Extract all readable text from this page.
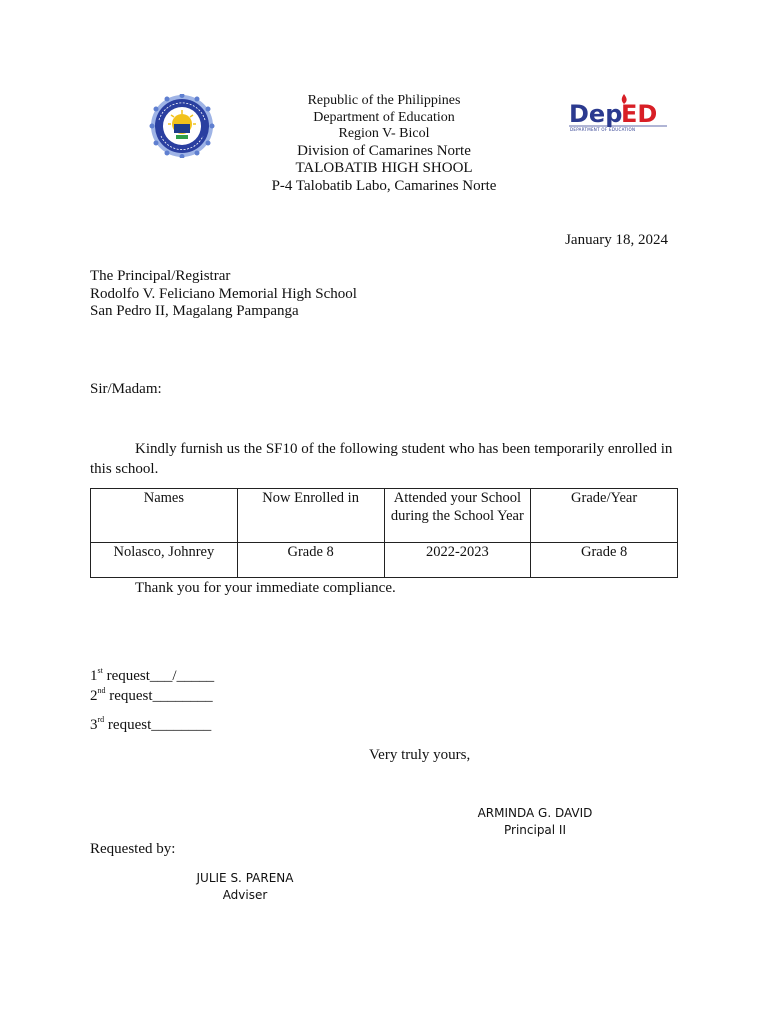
Dep
ED
DEPARTMENT OF EDUCATION
Republic of the Philippines
Department of Education
Region V- Bicol
Division of Camarines Norte
TALOBATIB HIGH SHOOL
P-4 Talobatib Labo, Camarines Norte
January 18, 2024
The Principal/Registrar
Rodolfo V. Feliciano Memorial High School
San Pedro II, Magalang Pampanga
Sir/Madam:
Kindly furnish us the SF10 of the following student who has been temporarily enrolled in
this school.
Names	Now Enrolled in	Attended your School during the School Year	Grade/Year
Nolasco, Johnrey	Grade 8	2022-2023	Grade 8
Thank you for your immediate compliance.
1st request___/_____
2nd request________
3rd request________
Very truly yours,
ARMINDA G. DAVID
Principal II
Requested by:
JULIE S. PARENA
Adviser
